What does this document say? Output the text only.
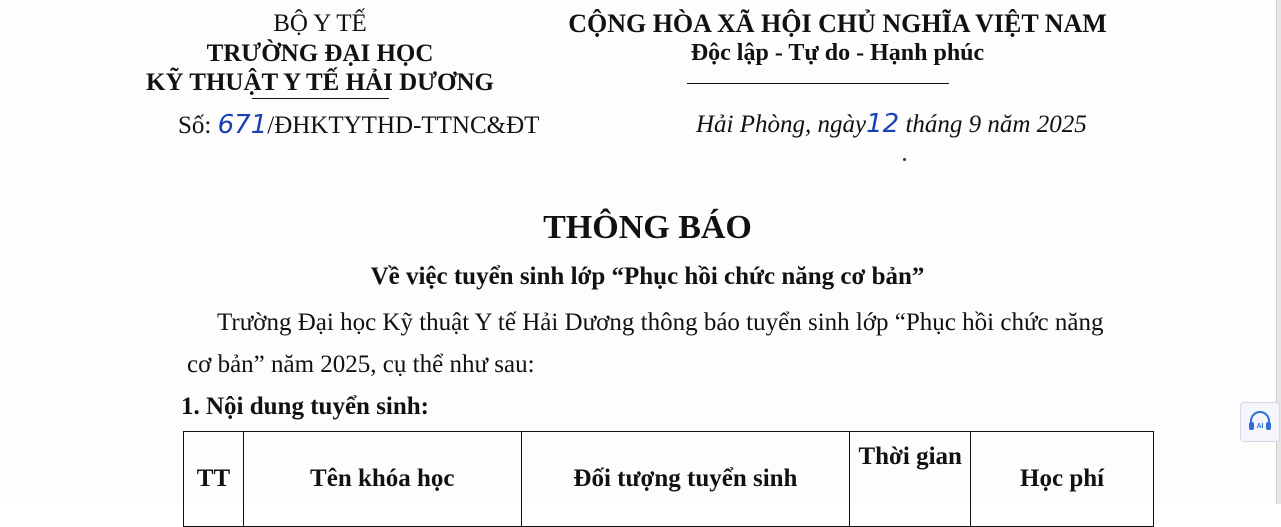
BỘ Y TẾ
TRƯỜNG ĐẠI HỌC
KỸ THUẬT Y TẾ HẢI DƯƠNG
Số: 671/ĐHKTYTHD-TTNC&ĐT
CỘNG HÒA XÃ HỘI CHỦ NGHĨA VIỆT NAM
Độc lập - Tự do - Hạnh phúc
Hải Phòng, ngày12 tháng 9 năm 2025
THÔNG BÁO
Về việc tuyển sinh lớp “Phục hồi chức năng cơ bản”
Trường Đại học Kỹ thuật Y tế Hải Dương thông báo tuyển sinh lớp “Phục hồi chức năng
cơ bản” năm 2025, cụ thể như sau:
1. Nội dung tuyển sinh:
TT	Tên khóa học	Đối tượng tuyển sinh	Thời gian	Học phí
AI
